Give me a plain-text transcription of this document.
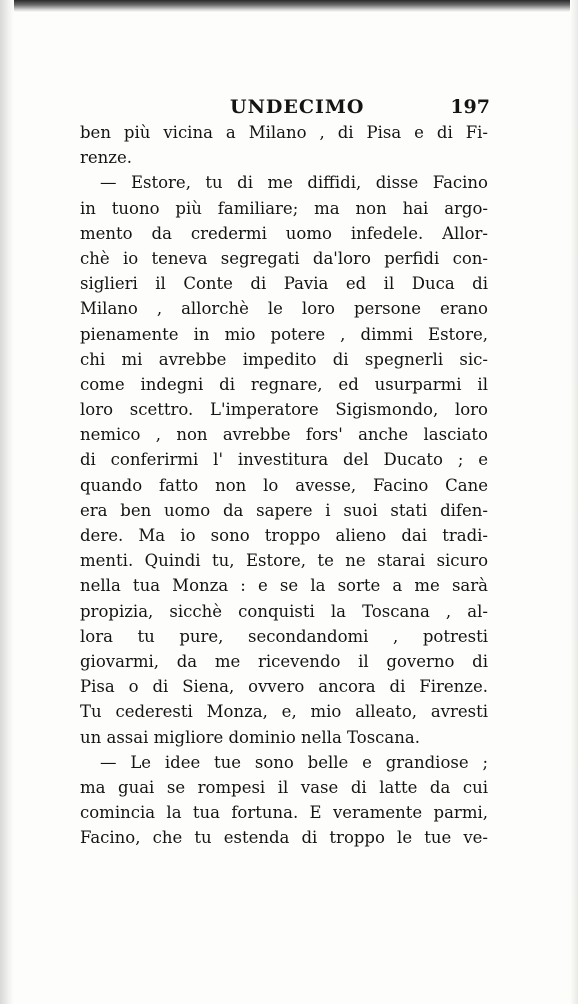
UNDECIMO	197
ben più vicina a Milano , di Pisa e di Fi-
renze.
— Estore, tu di me diffidi, disse Facino
in tuono più familiare; ma non hai argo-
mento da credermi uomo infedele. Allor-
chè io teneva segregati da'loro perfidi con-
siglieri il Conte di Pavia ed il Duca di
Milano , allorchè le loro persone erano
pienamente in mio potere , dimmi Estore,
chi mi avrebbe impedito di spegnerli sic-
come indegni di regnare, ed usurparmi il
loro scettro. L'imperatore Sigismondo, loro
nemico , non avrebbe fors' anche lasciato
di conferirmi l' investitura del Ducato ; e
quando fatto non lo avesse, Facino Cane
era ben uomo da sapere i suoi stati difen-
dere. Ma io sono troppo alieno dai tradi-
menti. Quindi tu, Estore, te ne starai sicuro
nella tua Monza : e se la sorte a me sarà
propizia, sicchè conquisti la Toscana , al-
lora tu pure, secondandomi , potresti
giovarmi, da me ricevendo il governo di
Pisa o di Siena, ovvero ancora di Firenze.
Tu cederesti Monza, e, mio alleato, avresti
un assai migliore dominio nella Toscana.
— Le idee tue sono belle e grandiose ;
ma guai se rompesi il vase di latte da cui
comincia la tua fortuna. E veramente parmi,
Facino, che tu estenda di troppo le tue ve-
